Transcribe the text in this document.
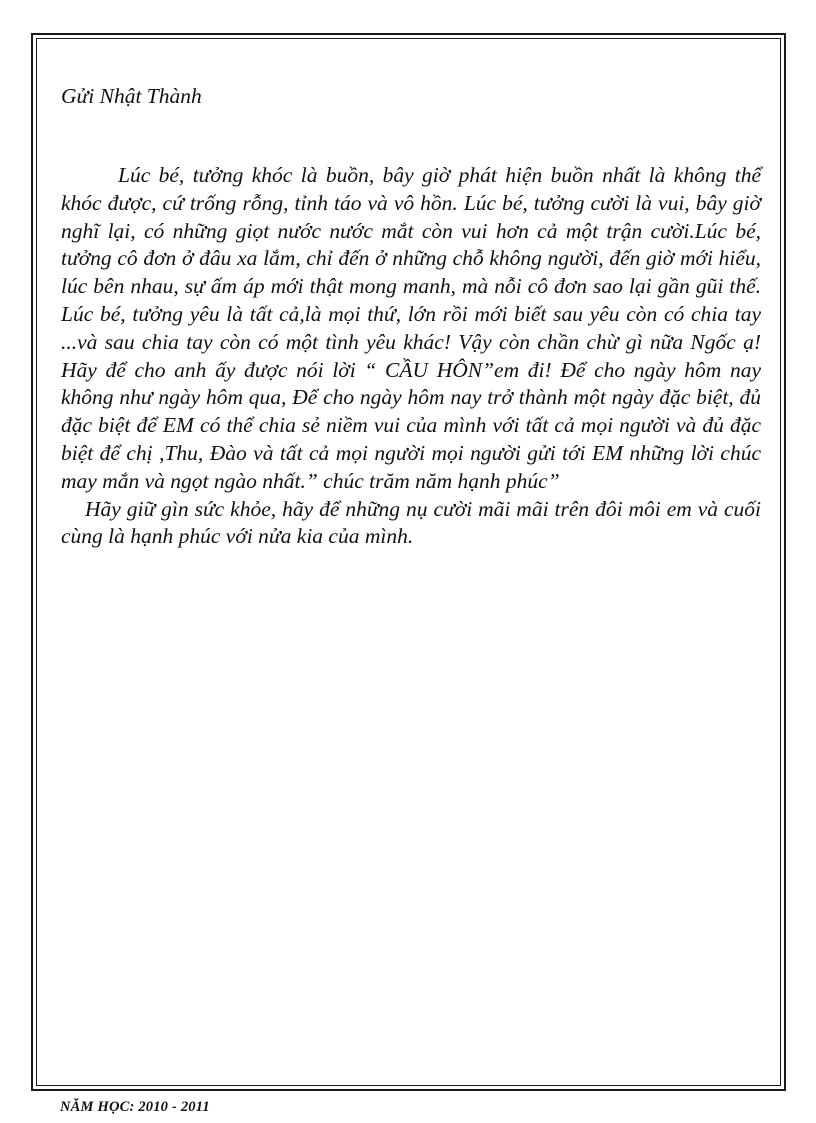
Gửi Nhật Thành

Lúc bé, tưởng khóc là buồn, bây giờ phát hiện buồn nhất là không thể khóc được, cứ trống rỗng, tỉnh táo và vô hồn. Lúc bé, tưởng cười là vui, bây giờ nghĩ lại, có những giọt nước nước mắt còn vui hơn cả một trận cười.Lúc bé, tưởng cô đơn ở đâu xa lắm, chỉ đến ở những chỗ không người, đến giờ mới hiểu, lúc bên nhau, sự ấm áp mới thật mong manh, mà nỗi cô đơn sao lại gần gũi thế. Lúc bé, tưởng yêu là tất cả,là mọi thứ, lớn rồi mới biết sau yêu còn có chia tay ...và sau chia tay còn có một tình yêu khác! Vậy còn chần chừ gì nữa Ngốc ạ! Hãy để cho anh ấy được nói lời “ CẦU HÔN”em đi! Để cho ngày hôm nay không như ngày hôm qua, Để cho ngày hôm nay trở thành một ngày đặc biệt, đủ đặc biệt để EM có thể chia sẻ niềm vui của mình với tất cả mọi người và đủ đặc biệt để chị ,Thu, Đào và tất cả mọi người mọi người gửi tới EM những lời chúc may mắn và ngọt ngào nhất.” chúc trăm năm hạnh phúc”

Hãy giữ gìn sức khỏe, hãy để những nụ cười mãi mãi trên đôi môi em và cuối cùng là hạnh phúc với nửa kia của mình.

NĂM HỌC: 2010 - 2011
